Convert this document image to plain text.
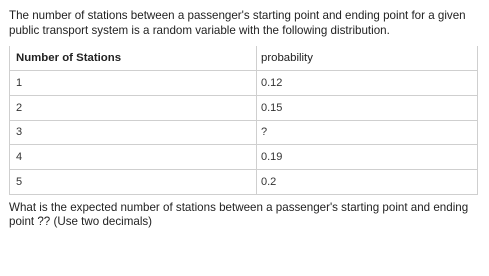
The number of stations between a passenger's starting point and ending point for a given public transport system is a random variable with the following distribution.

Number of Stations	probability
1	0.12
2	0.15
3	?
4	0.19
5	0.2

What is the expected number of stations between a passenger's starting point and ending point ?? (Use two decimals)
